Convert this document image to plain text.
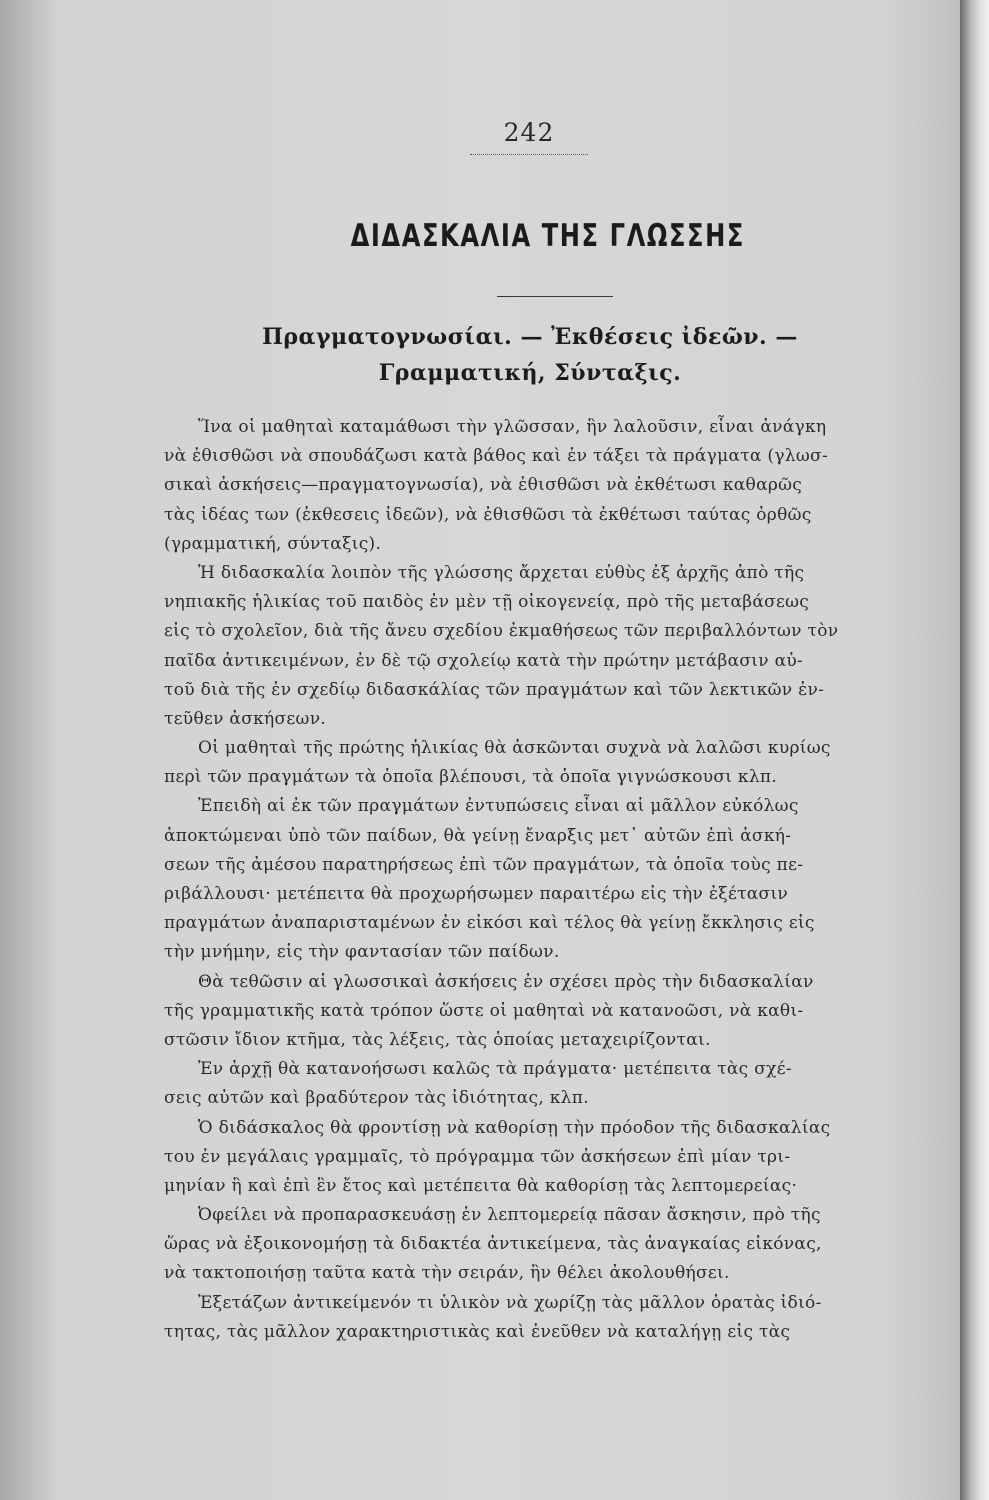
242
ΔΙΔΑΣΚΑΛΙΑ ΤΗΣ ΓΛΩΣΣΗΣ
Πραγματογνωσίαι. — Ἐκθέσεις ἰδεῶν. —
Γραμματική, Σύνταξις.
Ἵνα οἱ μαθηταὶ καταμάθωσι τὴν γλῶσσαν, ἣν λαλοῦσιν, εἶναι ἀνάγκη
νὰ ἐθισθῶσι νὰ σπουδάζωσι κατὰ βάθος καὶ ἐν τάξει τὰ πράγματα (γλωσ-
σικαὶ ἀσκήσεις—πραγματογνωσία), νὰ ἐθισθῶσι νὰ ἐκθέτωσι καθαρῶς
τὰς ἰδέας των (ἐκθεσεις ἰδεῶν), νὰ ἐθισθῶσι τὰ ἐκθέτωσι ταύτας ὀρθῶς
(γραμματική, σύνταξις).
Ἡ διδασκαλία λοιπὸν τῆς γλώσσης ἄρχεται εὐθὺς ἐξ ἀρχῆς ἀπὸ τῆς
νηπιακῆς ἡλικίας τοῦ παιδὸς ἐν μὲν τῇ οἰκογενείᾳ, πρὸ τῆς μεταβάσεως
εἰς τὸ σχολεῖον, διὰ τῆς ἄνευ σχεδίου ἐκμαθήσεως τῶν περιβαλλόντων τὸν
παῖδα ἀντικειμένων, ἐν δὲ τῷ σχολείῳ κατὰ τὴν πρώτην μετάβασιν αὐ-
τοῦ διὰ τῆς ἐν σχεδίῳ διδασκάλίας τῶν πραγμάτων καὶ τῶν λεκτικῶν ἐν-
τεῦθεν ἀσκήσεων.
Οἱ μαθηταὶ τῆς πρώτης ἡλικίας θὰ ἀσκῶνται συχνὰ νὰ λαλῶσι κυρίως
περὶ τῶν πραγμάτων τὰ ὁποῖα βλέπουσι, τὰ ὁποῖα γιγνώσκουσι κλπ.
Ἐπειδὴ αἱ ἐκ τῶν πραγμάτων ἐντυπώσεις εἶναι αἱ μᾶλλον εὐκόλως
ἀποκτώμεναι ὑπὸ τῶν παίδων, θὰ γείνῃ ἔναρξις μετ᾽ αὐτῶν ἐπὶ ἀσκή-
σεων τῆς ἀμέσου παρατηρήσεως ἐπὶ τῶν πραγμάτων, τὰ ὁποῖα τοὺς πε-
ριβάλλουσι· μετέπειτα θὰ προχωρήσωμεν παραιτέρω εἰς τὴν ἐξέτασιν
πραγμάτων ἀναπαρισταμένων ἐν εἰκόσι καὶ τέλος θὰ γείνῃ ἔκκλησις εἰς
τὴν μνήμην, εἰς τὴν φαντασίαν τῶν παίδων.
Θὰ τεθῶσιν αἱ γλωσσικαὶ ἀσκήσεις ἐν σχέσει πρὸς τὴν διδασκαλίαν
τῆς γραμματικῆς κατὰ τρόπον ὥστε οἱ μαθηταὶ νὰ κατανοῶσι, νὰ καθι-
στῶσιν ἴδιον κτῆμα, τὰς λέξεις, τὰς ὁποίας μεταχειρίζονται.
Ἐν ἀρχῇ θὰ κατανοήσωσι καλῶς τὰ πράγματα· μετέπειτα τὰς σχέ-
σεις αὐτῶν καὶ βραδύτερον τὰς ἰδιότητας, κλπ.
Ὁ διδάσκαλος θὰ φροντίσῃ νὰ καθορίσῃ τὴν πρόοδον τῆς διδασκαλίας
του ἐν μεγάλαις γραμμαῖς, τὸ πρόγραμμα τῶν ἀσκήσεων ἐπὶ μίαν τρι-
μηνίαν ἢ καὶ ἐπὶ ἓν ἔτος καὶ μετέπειτα θὰ καθορίσῃ τὰς λεπτομερείας·
Ὀφείλει νὰ προπαρασκευάσῃ ἐν λεπτομερείᾳ πᾶσαν ἄσκησιν, πρὸ τῆς
ὥρας νὰ ἐξοικονομήσῃ τὰ διδακτέα ἀντικείμενα, τὰς ἀναγκαίας εἰκόνας,
νὰ τακτοποιήσῃ ταῦτα κατὰ τὴν σειράν, ἣν θέλει ἀκολουθήσει.
Ἐξετάζων ἀντικείμενόν τι ὑλικὸν νὰ χωρίζῃ τὰς μᾶλλον ὁρατὰς ἰδιό-
τητας, τὰς μᾶλλον χαρακτηριστικὰς καὶ ἐνεῦθεν νὰ καταλήγῃ εἰς τὰς
